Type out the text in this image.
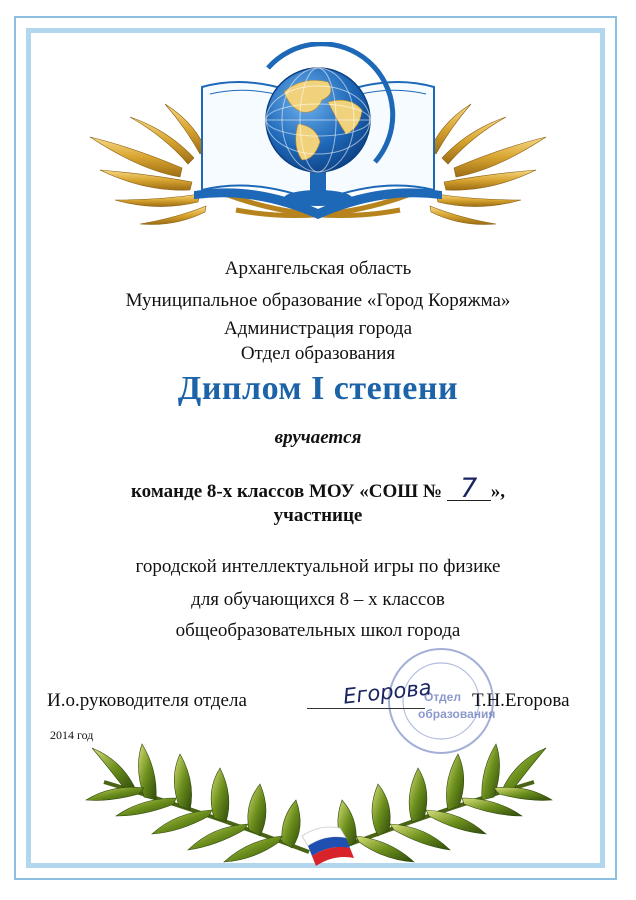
Архангельская область
Муниципальное образование «Город Коряжма»
Администрация города
Отдел образования
Диплом I степени
вручается
команде 8-х классов МОУ «СОШ № 7 »,
участнице
городской интеллектуальной игры по физике
для обучающихся 8 – х классов
общеобразовательных школ города
И.о.руководителя отдела	Отдел
образования
Егорова Т.Н.Егорова
2014 год
